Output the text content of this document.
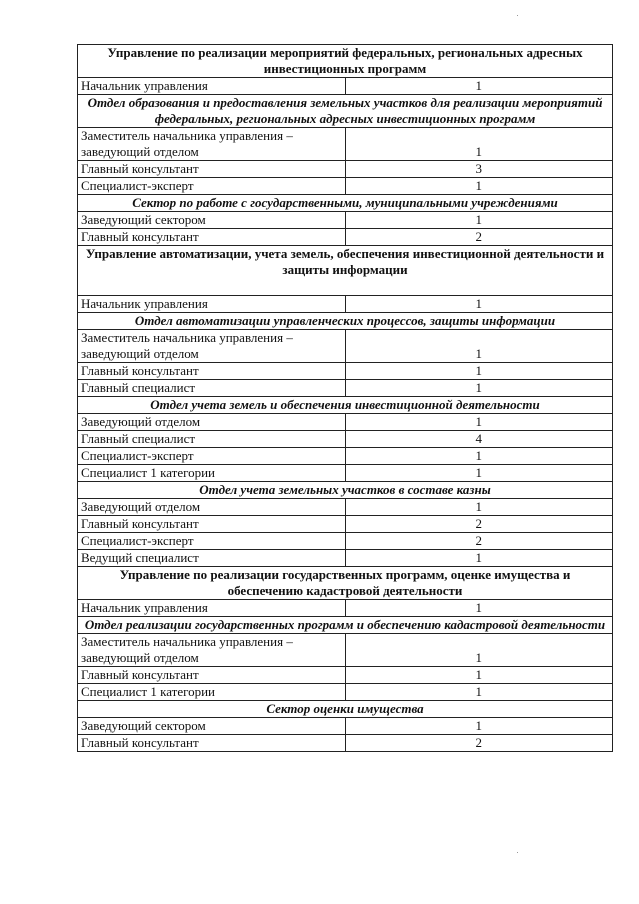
Управление по реализации мероприятий федеральных, региональных адресных инвестиционных программ	
Начальник управления	1
Отдел образования и предоставления земельных участков для реализации мероприятий федеральных, региональных адресных инвестиционных программ	
Заместитель начальника управления – заведующий отделом	1
Главный консультант	3
Специалист-эксперт	1
Сектор по работе с государственными, муниципальными учреждениями	
Заведующий сектором	1
Главный консультант	2
Управление автоматизации, учета земель, обеспечения инвестиционной деятельности и защиты информации	
Начальник управления	1
Отдел автоматизации управленческих процессов, защиты информации	
Заместитель начальника управления – заведующий отделом	1
Главный консультант	1
Главный специалист	1
Отдел учета земель и обеспечения инвестиционной деятельности	
Заведующий отделом	1
Главный специалист	4
Специалист-эксперт	1
Специалист 1 категории	1
Отдел учета земельных участков в составе казны	
Заведующий отделом	1
Главный консультант	2
Специалист-эксперт	2
Ведущий специалист	1
Управление по реализации государственных программ, оценке имущества и обеспечению кадастровой деятельности	
Начальник управления	1
Отдел реализации государственных программ и обеспечению кадастровой деятельности	
Заместитель начальника управления – заведующий отделом	1
Главный консультант	1
Специалист 1 категории	1
Сектор оценки имущества	
Заведующий сектором	1
Главный консультант	2
